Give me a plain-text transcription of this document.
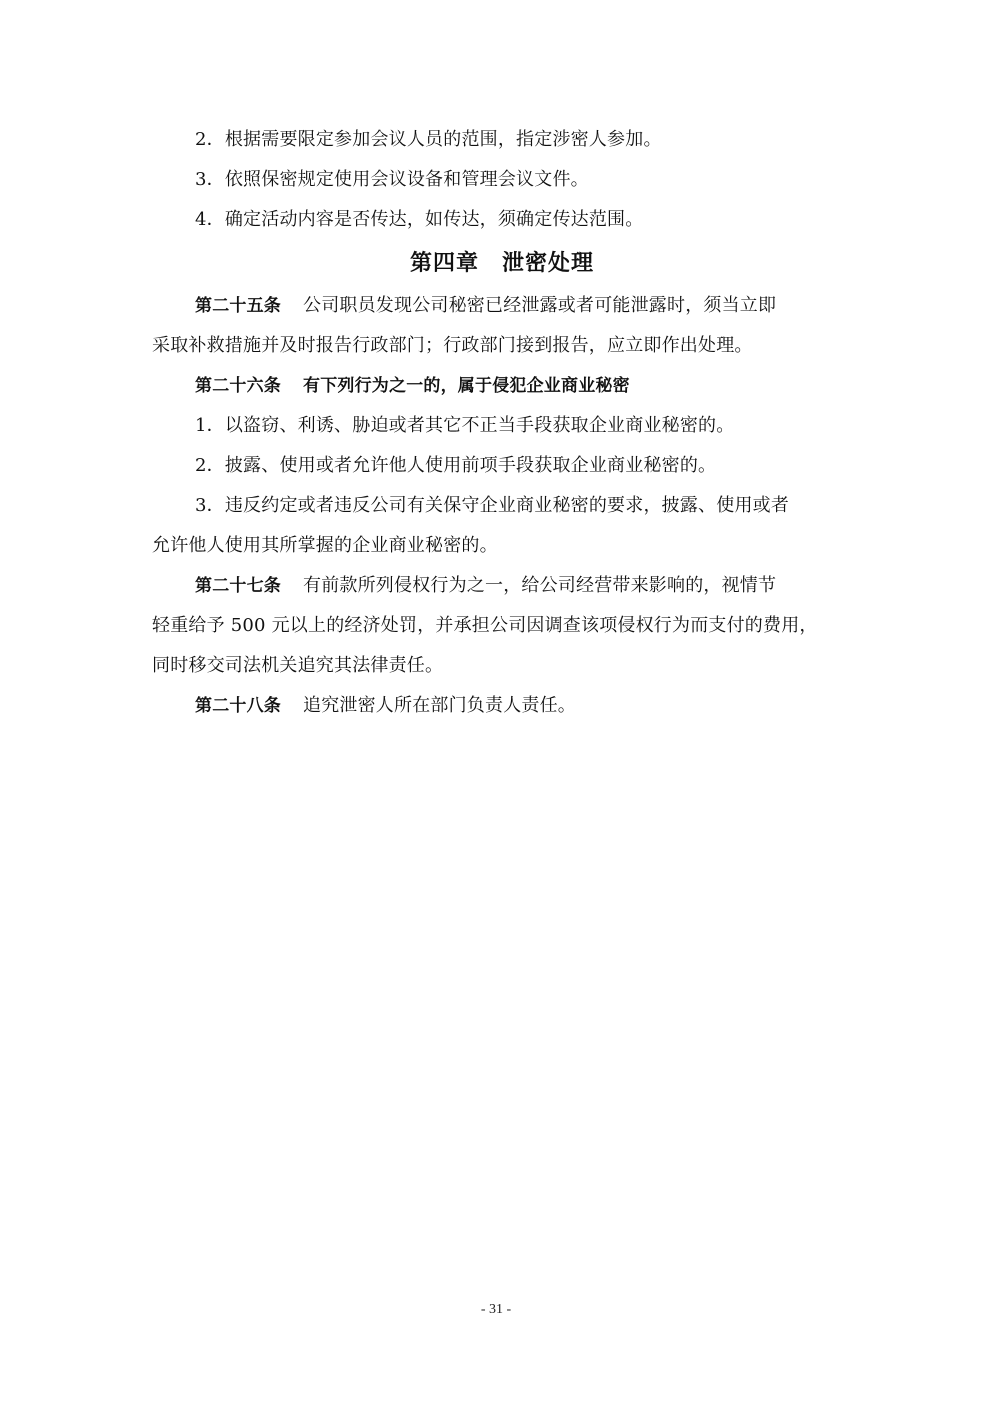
2．根据需要限定参加会议人员的范围，指定涉密人参加。
3．依照保密规定使用会议设备和管理会议文件。
4．确定活动内容是否传达，如传达，须确定传达范围。
第四章　泄密处理
第二十五条 公司职员发现公司秘密已经泄露或者可能泄露时，须当立即
采取补救措施并及时报告行政部门；行政部门接到报告，应立即作出处理。
第二十六条 有下列行为之一的，属于侵犯企业商业秘密
1．以盗窃、利诱、胁迫或者其它不正当手段获取企业商业秘密的。
2．披露、使用或者允许他人使用前项手段获取企业商业秘密的。
3．违反约定或者违反公司有关保守企业商业秘密的要求，披露、使用或者
允许他人使用其所掌握的企业商业秘密的。
第二十七条 有前款所列侵权行为之一，给公司经营带来影响的，视情节
轻重给予 500 元以上的经济处罚，并承担公司因调查该项侵权行为而支付的费用，
同时移交司法机关追究其法律责任。
第二十八条 追究泄密人所在部门负责人责任。
- 31 -
